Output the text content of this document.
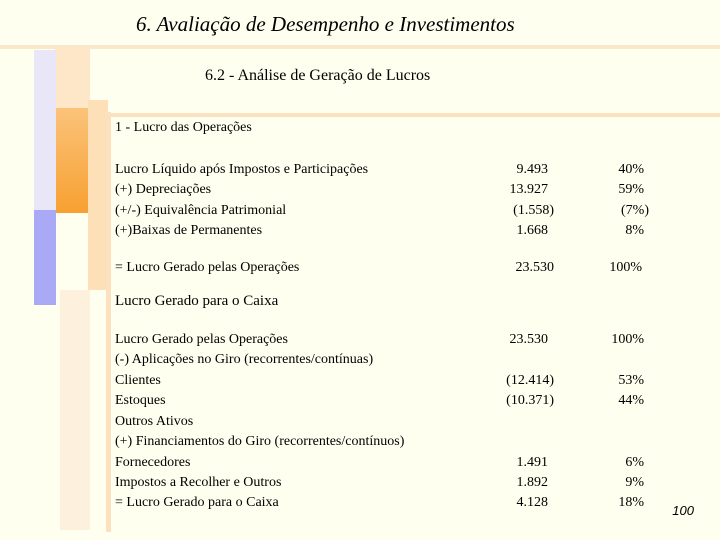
6. Avaliação de Desempenho e Investimentos
6.2 - Análise de Geração de Lucros
1 - Lucro das Operações
Lucro Líquido após Impostos e Participações	9.493	40%
(+) Depreciações	13.927	59%
(+/-) Equivalência Patrimonial	(1.558)	(7%)
(+)Baixas de Permanentes	1.668	8%
= Lucro Gerado pelas Operações	23.530	100%
Lucro Gerado para o Caixa
Lucro Gerado pelas Operações	23.530	100%
(-) Aplicações no Giro (recorrentes/contínuas)
Clientes	(12.414)	53%
Estoques	(10.371)	44%
Outros Ativos
(+) Financiamentos do Giro (recorrentes/contínuos)
Fornecedores	1.491	6%
Impostos a Recolher e Outros	1.892	9%
= Lucro Gerado para o Caixa	4.128	18%
100
